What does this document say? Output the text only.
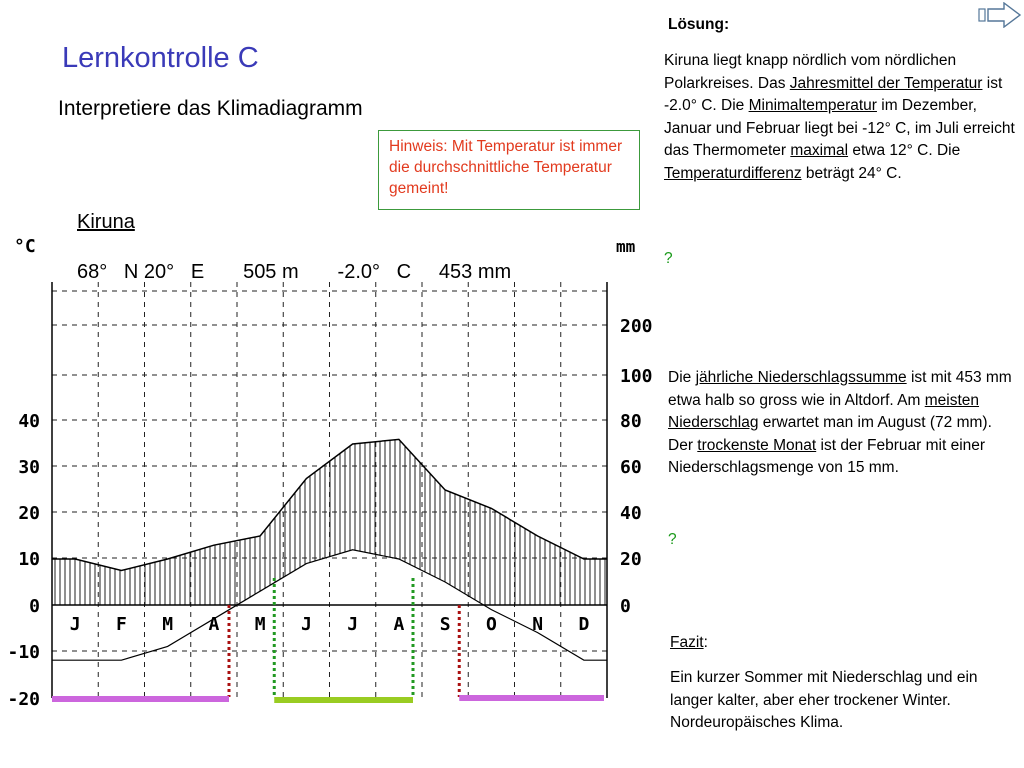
Lernkontrolle C
Interpretiere das Klimadiagramm
Hinweis: Mit Temperatur ist immer die durchschnittliche Temperatur gemeint!
Kiruna
68°   N 20°   E       505 m       -2.0°   C     453 mm
40
30
20
10
0
-10
-20
200
100
80
60
40
20
0
°C	mm
J F M A M J J A S O N D
Lösung:
Kiruna liegt knapp nördlich vom nördlichen Polarkreises. Das Jahresmittel der Temperatur ist -2.0° C. Die Minimaltemperatur im Dezember, Januar und Februar liegt bei -12° C, im Juli erreicht das Thermometer maximal etwa 12° C. Die Temperaturdifferenz beträgt 24° C.
?
Die jährliche Niederschlagssumme ist mit 453 mm etwa halb so gross wie in Altdorf. Am meisten Niederschlag erwartet man im August (72 mm). Der trockenste Monat ist der Februar mit einer Niederschlagsmenge von 15 mm.
?
Fazit:
Ein kurzer Sommer mit Niederschlag und ein langer kalter, aber eher trockener Winter. Nordeuropäisches Klima.
